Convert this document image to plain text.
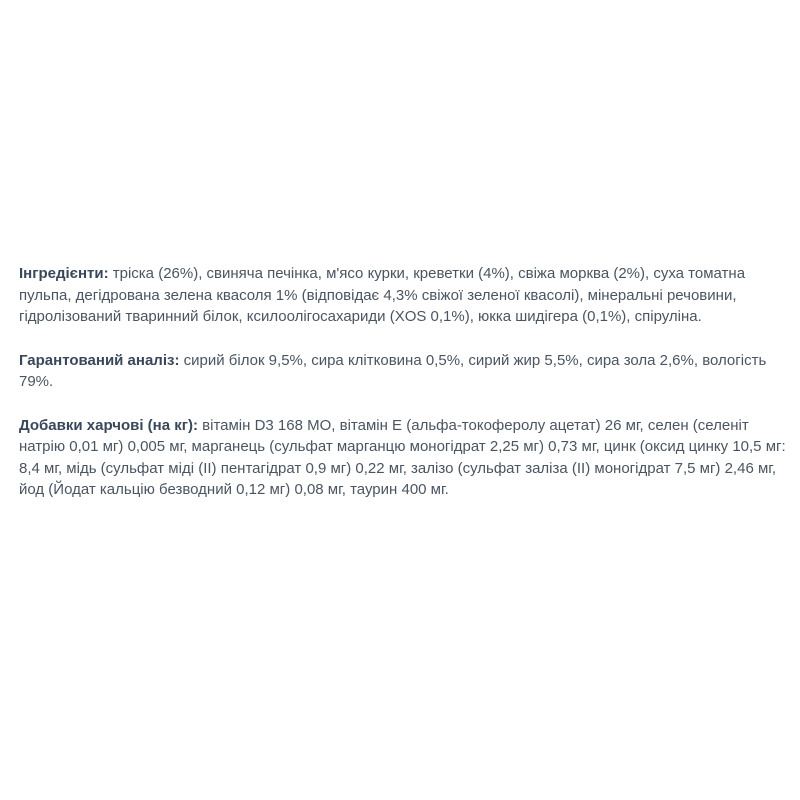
Інгредієнти: тріска (26%), свиняча печінка, м'ясо курки, креветки (4%), свіжа морква (2%), суха томатна пульпа, дегідрована зелена квасоля 1% (відповідає 4,3% свіжої зеленої квасолі), мінеральні речовини, гідролізований тваринний білок, ксилоолігосахариди (XOS 0,1%), юкка шидігера (0,1%), спіруліна.

Гарантований аналіз: сирий білок 9,5%, сира клітковина 0,5%, сирий жир 5,5%, сира зола 2,6%, вологість 79%.

Добавки харчові (на кг): вітамін D3 168 МО, вітамін Е (альфа-токоферолу ацетат) 26 мг, селен (селеніт натрію 0,01 мг) 0,005 мг, марганець (сульфат марганцю моногідрат 2,25 мг) 0,73 мг, цинк (оксид цинку 10,5 мг: 8,4 мг, мідь (сульфат міді (II) пентагідрат 0,9 мг) 0,22 мг, залізо (сульфат заліза (II) моногідрат 7,5 мг) 2,46 мг, йод (Йодат кальцію безводний 0,12 мг) 0,08 мг, таурин 400 мг.
